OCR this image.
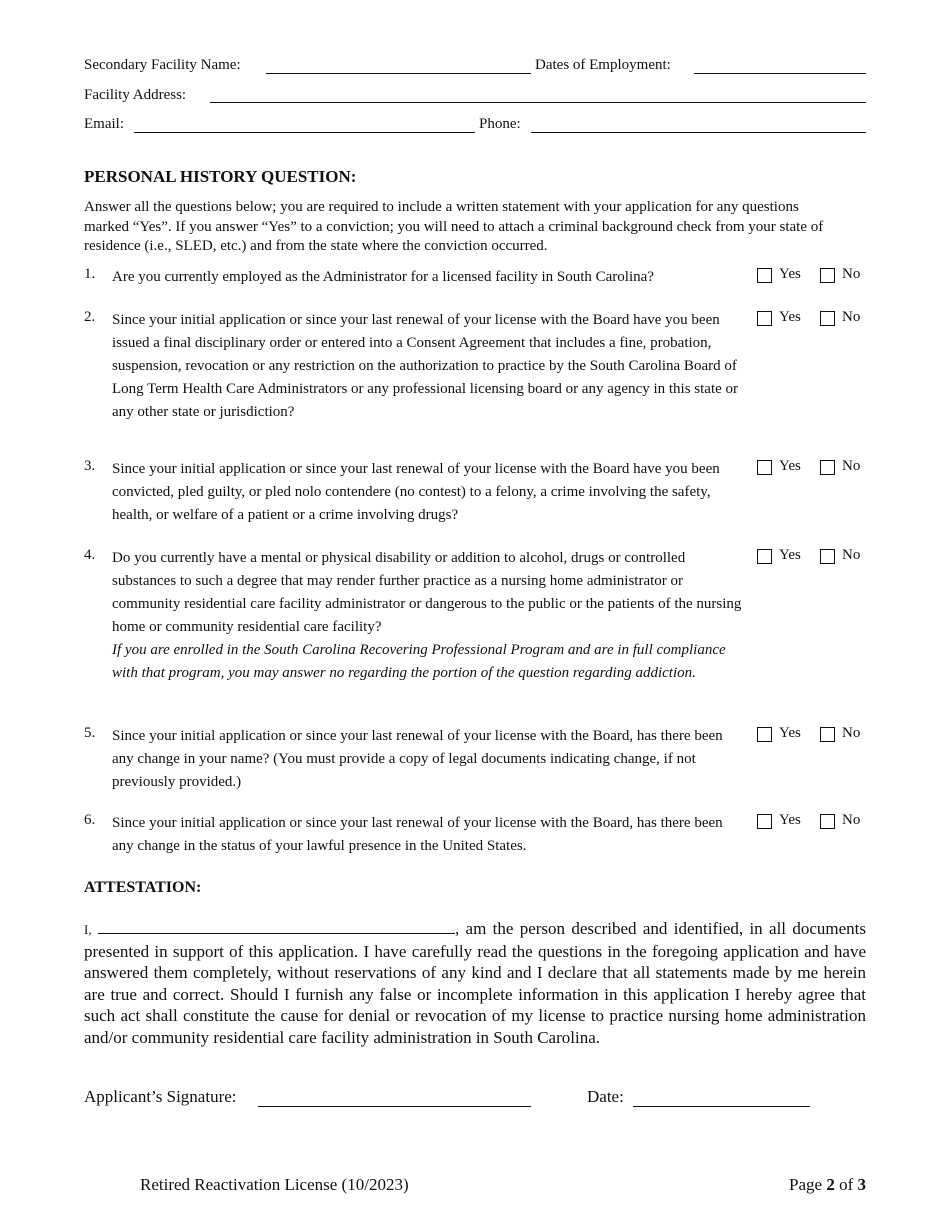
Secondary Facility Name:	Dates of Employment:
Facility Address:
Email:	Phone:
PERSONAL HISTORY QUESTION:
Answer all the questions below; you are required to include a written statement with your application for any questions marked “Yes”. If you answer “Yes” to a conviction; you will need to attach a criminal background check from your state of residence (i.e., SLED, etc.) and from the state where the conviction occurred.
1. Are you currently employed as the Administrator for a licensed facility in South Carolina?	Yes	No
2. Since your initial application or since your last renewal of your license with the Board have you been issued a final disciplinary order or entered into a Consent Agreement that includes a fine, probation, suspension, revocation or any restriction on the authorization to practice by the South Carolina Board of Long Term Health Care Administrators or any professional licensing board or any agency in this state or any other state or jurisdiction?
Yes	No
3. Since your initial application or since your last renewal of your license with the Board have you been convicted, pled guilty, or pled nolo contendere (no contest) to a felony, a crime involving the safety, health, or welfare of a patient or a crime involving drugs?
Yes	No
4. Do you currently have a mental or physical disability or addition to alcohol, drugs or controlled substances to such a degree that may render further practice as a nursing home administrator or community residential care facility administrator or dangerous to the public or the patients of the nursing home or community residential care facility?
If you are enrolled in the South Carolina Recovering Professional Program and are in full compliance with that program, you may answer no regarding the portion of the question regarding addiction.
Yes	No
5. Since your initial application or since your last renewal of your license with the Board, has there been any change in your name? (You must provide a copy of legal documents indicating change, if not previously provided.)
Yes	No
6. Since your initial application or since your last renewal of your license with the Board, has there been any change in the status of your lawful presence in the United States.
Yes	No
ATTESTATION:
I,	, am the person described and identified, in all documents presented in support of this application. I have carefully read the questions in the foregoing application and have answered them completely, without reservations of any kind and I declare that all statements made by me herein are true and correct. Should I furnish any false or incomplete information in this application I hereby agree that such act shall constitute the cause for denial or revocation of my license to practice nursing home administration and/or community residential care facility administration in South Carolina.
Applicant’s Signature:	Date:
Retired Reactivation License (10/2023)	Page 2 of 3
